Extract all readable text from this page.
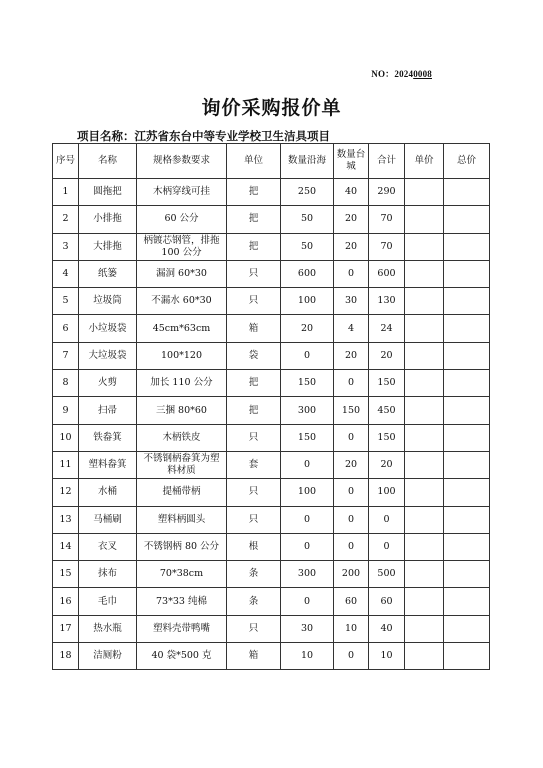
NO：20240008
询价采购报价单
项目名称：江苏省东台中等专业学校卫生洁具项目
序号	名称	规格参数要求	单位	数量沿海	数量台城	合计	单价	总价
1	圆拖把	木柄穿线可挂	把	250	40	290		
2	小排拖	60 公分	把	50	20	70		
3	大排拖	柄镀芯钢管，排拖 100 公分	把	50	20	70		
4	纸篓	漏洞 60*30	只	600	0	600		
5	垃圾筒	不漏水 60*30	只	100	30	130		
6	小垃圾袋	45cm*63cm	箱	20	4	24		
7	大垃圾袋	100*120	袋	0	20	20		
8	火剪	加长 110 公分	把	150	0	150		
9	扫帚	三捆 80*60	把	300	150	450		
10	铁畚箕	木柄铁皮	只	150	0	150		
11	塑料畚箕	不锈钢柄畚箕为塑料材质	套	0	20	20		
12	水桶	提桶带柄	只	100	0	100		
13	马桶刷	塑料柄圆头	只	0	0	0		
14	衣叉	不锈钢柄 80 公分	根	0	0	0		
15	抹布	70*38cm	条	300	200	500		
16	毛巾	73*33 纯棉	条	0	60	60		
17	热水瓶	塑料壳带鸭嘴	只	30	10	40		
18	洁厕粉	40 袋*500 克	箱	10	0	10		
